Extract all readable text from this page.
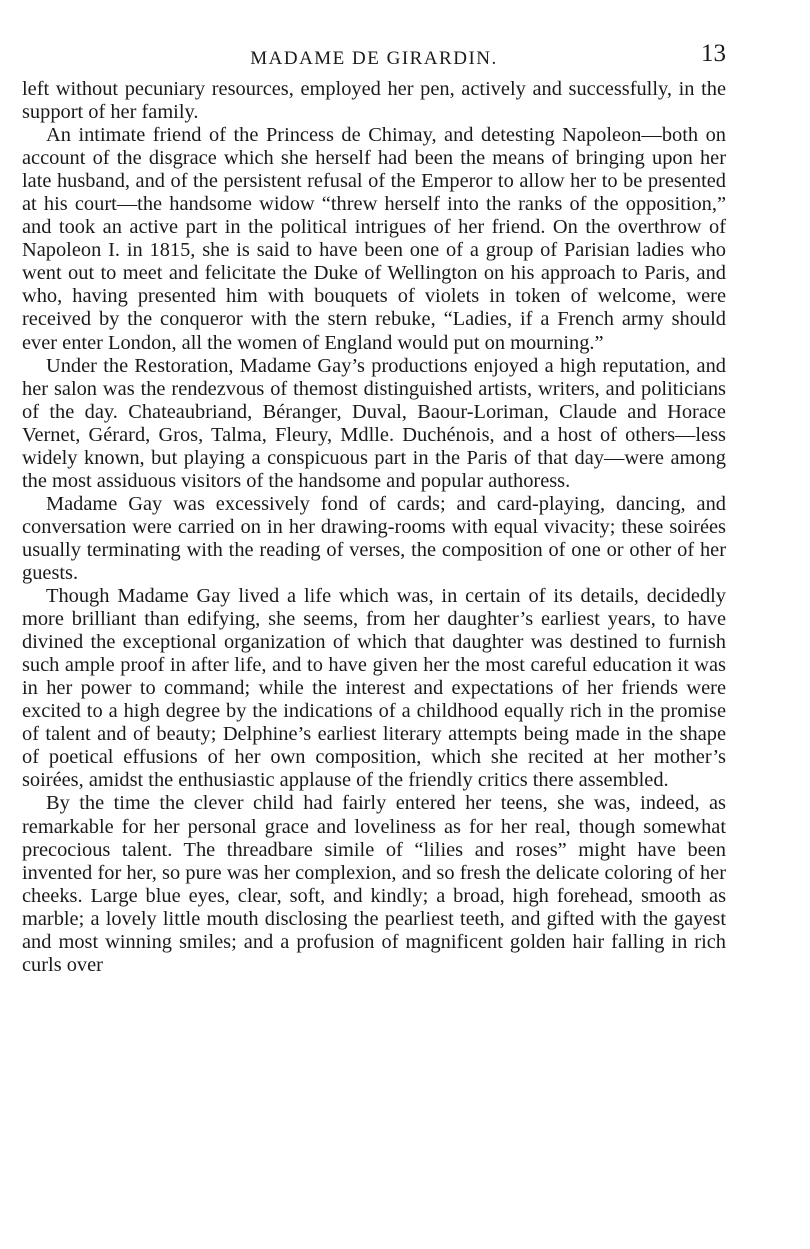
MADAME DE GIRARDIN.	13

left without pecuniary resources, employed her pen, actively and successfully, in the support of her family.

An intimate friend of the Princess de Chimay, and detesting Napoleon—both on account of the disgrace which she herself had been the means of bringing upon her late husband, and of the persistent refusal of the Emperor to allow her to be presented at his court—the handsome widow “threw herself into the ranks of the opposition,” and took an active part in the political intrigues of her friend. On the overthrow of Napoleon I. in 1815, she is said to have been one of a group of Parisian ladies who went out to meet and felicitate the Duke of Wellington on his approach to Paris, and who, having presented him with bouquets of violets in token of welcome, were received by the conqueror with the stern rebuke, “Ladies, if a French army should ever enter London, all the women of England would put on mourning.”

Under the Restoration, Madame Gay’s productions enjoyed a high reputation, and her salon was the rendezvous of themost distinguished artists, writers, and politicians of the day. Chateaubriand, Béranger, Duval, Baour-Loriman, Claude and Horace Vernet, Gérard, Gros, Talma, Fleury, Mdlle. Duchénois, and a host of others—less widely known, but playing a conspicuous part in the Paris of that day—were among the most assiduous visitors of the handsome and popular authoress.

Madame Gay was excessively fond of cards; and card-playing, dancing, and conversation were carried on in her drawing-rooms with equal vivacity; these soirées usually terminating with the reading of verses, the composition of one or other of her guests.

Though Madame Gay lived a life which was, in certain of its details, decidedly more brilliant than edifying, she seems, from her daughter’s earliest years, to have divined the exceptional organization of which that daughter was destined to furnish such ample proof in after life, and to have given her the most careful education it was in her power to command; while the interest and expectations of her friends were excited to a high degree by the indications of a childhood equally rich in the promise of talent and of beauty; Delphine’s earliest literary attempts being made in the shape of poetical effusions of her own composition, which she recited at her mother’s soirées, amidst the enthusiastic applause of the friendly critics there assembled.

By the time the clever child had fairly entered her teens, she was, indeed, as remarkable for her personal grace and loveliness as for her real, though somewhat precocious talent. The threadbare simile of “lilies and roses” might have been invented for her, so pure was her complexion, and so fresh the delicate coloring of her cheeks. Large blue eyes, clear, soft, and kindly; a broad, high forehead, smooth as marble; a lovely little mouth disclosing the pearliest teeth, and gifted with the gayest and most winning smiles; and a profusion of magnificent golden hair falling in rich curls over
